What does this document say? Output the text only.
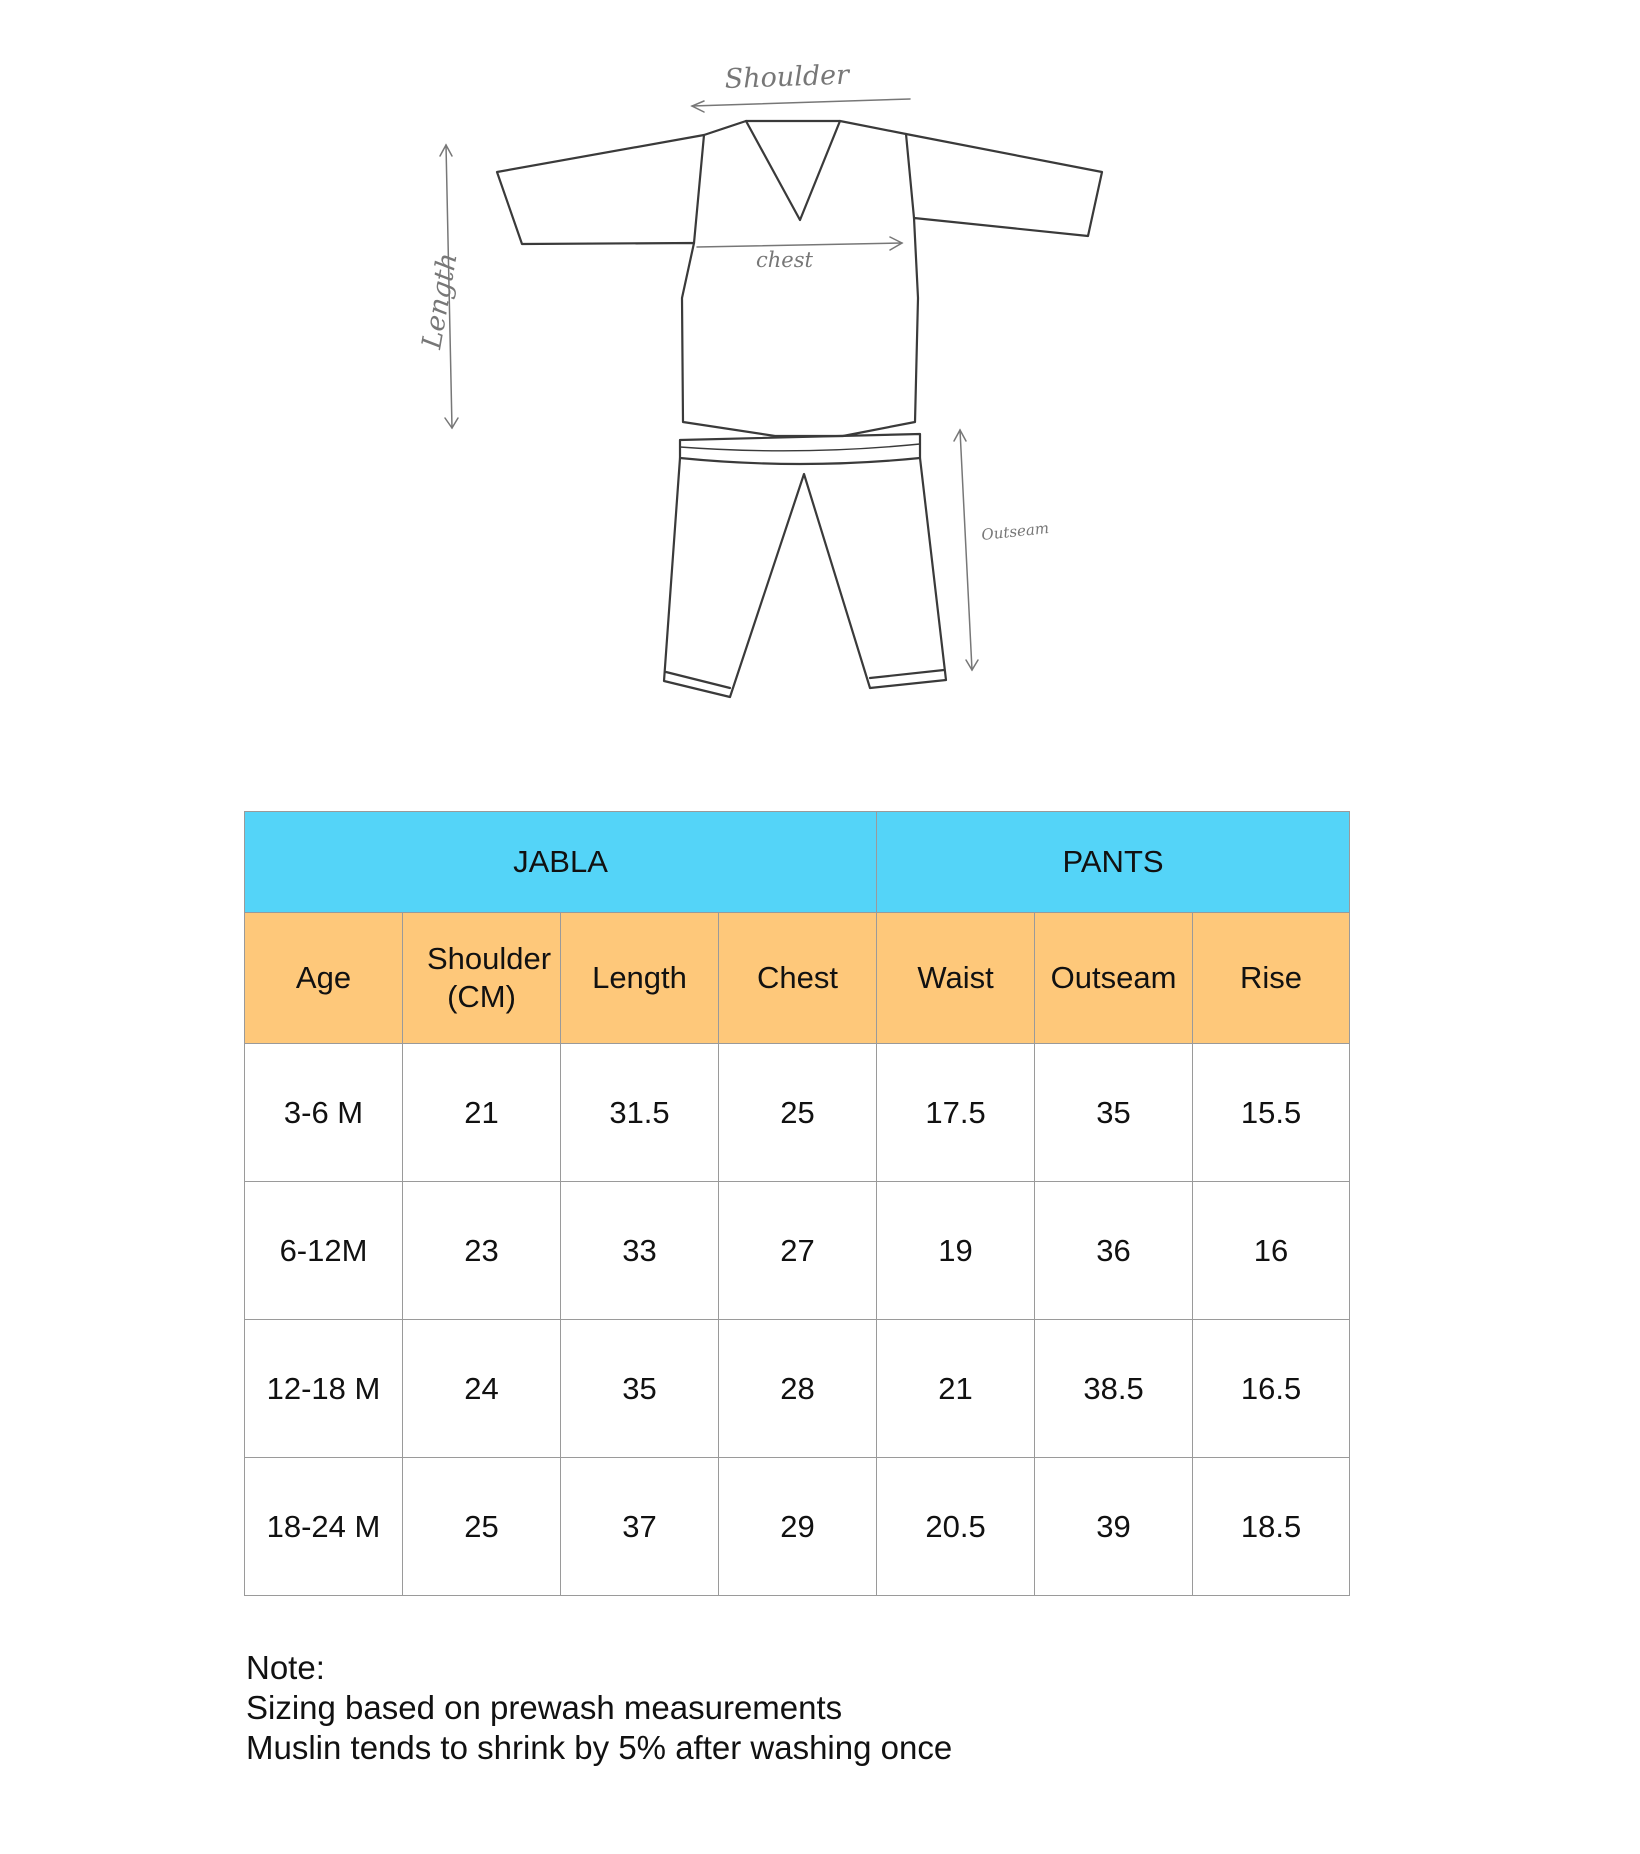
Shoulder
chest
Length
Outseam
JABLA				PANTS		
Age	Shoulder (CM)	Length	Chest	Waist	Outseam	Rise
3-6 M	21	31.5	25	17.5	35	15.5
6-12M	23	33	27	19	36	16
12-18 M	24	35	28	21	38.5	16.5
18-24 M	25	37	29	20.5	39	18.5
Note:
Sizing based on prewash measurements
Muslin tends to shrink by 5% after washing once
